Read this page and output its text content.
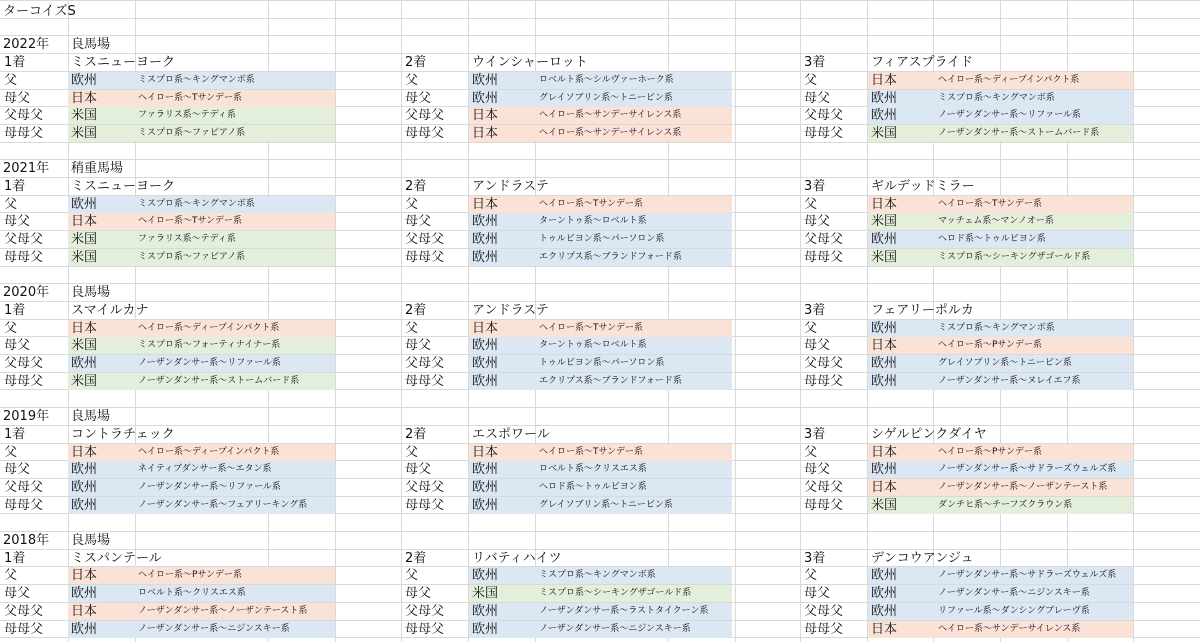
ターコイズS
2022年 良馬場
1着	ミスニューヨーク
父	欧州	ミスプロ系〜キングマンボ系
母父	日本	ヘイロー系〜Tサンデー系
父母父 米国	ファラリス系〜テディ系
母母父 米国	ミスプロ系〜ファピアノ系
2着	ウインシャーロット
父	欧州	ロベルト系〜シルヴァーホーク系
母父	欧州	グレイソブリン系〜トニービン系
父母父 日本	ヘイロー系〜サンデーサイレンス系
母母父 日本	ヘイロー系〜サンデーサイレンス系
3着	フィアスプライド
父	日本	ヘイロー系〜ディープインパクト系
母父	欧州	ミスプロ系〜キングマンボ系
父母父 欧州	ノーザンダンサー系〜リファール系
母母父 米国	ノーザンダンサー系〜ストームバード系
2021年 稍重馬場
1着	ミスニューヨーク
父	欧州	ミスプロ系〜キングマンボ系
母父	日本	ヘイロー系〜Tサンデー系
父母父 米国	ファラリス系〜テディ系
母母父 米国	ミスプロ系〜ファピアノ系
2着	アンドラステ
父	日本	ヘイロー系〜Tサンデー系
母父	欧州	ターントゥ系〜ロベルト系
父母父 欧州	トゥルビヨン系〜パーソロン系
母母父 欧州	エクリプス系〜ブランドフォード系
3着	ギルデッドミラー
父	日本	ヘイロー系〜Tサンデー系
母父	米国	マッチェム系〜マンノオー系
父母父 欧州	ヘロド系〜トゥルビヨン系
母母父 米国	ミスプロ系〜シーキングザゴールド系
2020年 良馬場
1着	スマイルカナ
父	日本	ヘイロー系〜ディープインパクト系
母父	米国	ミスプロ系〜フォーティナイナー系
父母父 欧州	ノーザンダンサー系〜リファール系
母母父 米国	ノーザンダンサー系〜ストームバード系
2着	アンドラステ
父	日本	ヘイロー系〜Tサンデー系
母父	欧州	ターントゥ系〜ロベルト系
父母父 欧州	トゥルビヨン系〜パーソロン系
母母父 欧州	エクリプス系〜ブランドフォード系
3着	フェアリーポルカ
父	欧州	ミスプロ系〜キングマンボ系
母父	日本	ヘイロー系〜Pサンデー系
父母父 欧州	グレイソブリン系〜トニービン系
母母父 欧州	ノーザンダンサー系〜ヌレイエフ系
2019年 良馬場
1着	コントラチェック
父	日本	ヘイロー系〜ディープインパクト系
母父	欧州	ネイティブダンサー系〜エタン系
父母父 欧州	ノーザンダンサー系〜リファール系
母母父 欧州	ノーザンダンサー系〜フェアリーキング系
2着	エスポワール
父	日本	ヘイロー系〜Tサンデー系
母父	欧州	ロベルト系〜クリスエス系
父母父 欧州	ヘロド系〜トゥルビヨン系
母母父 欧州	グレイソブリン系〜トニービン系
3着	シゲルピンクダイヤ
父	日本	ヘイロー系〜Pサンデー系
母父	欧州	ノーザンダンサー系〜サドラーズウェルズ系
父母父 日本	ノーザンダンサー系〜ノーザンテースト系
母母父 米国	ダンチヒ系〜チーフズクラウン系
2018年 良馬場
1着	ミスパンテール
父	日本	ヘイロー系〜Pサンデー系
母父	欧州	ロベルト系〜クリスエス系
父母父 日本	ノーザンダンサー系〜ノーザンテースト系
母母父 欧州	ノーザンダンサー系〜ニジンスキー系
2着	リバティハイツ
父	欧州	ミスプロ系〜キングマンボ系
母父	米国	ミスプロ系〜シーキングザゴールド系
父母父 欧州	ノーザンダンサー系〜ラストタイクーン系
母母父 欧州	ノーザンダンサー系〜ニジンスキー系
3着	デンコウアンジュ
父	欧州	ノーザンダンサー系〜サドラーズウェルズ系
母父	欧州	ノーザンダンサー系〜ニジンスキー系
父母父 欧州	リファール系〜ダンシングブレーヴ系
母母父 日本	ヘイロー系〜サンデーサイレンス系
